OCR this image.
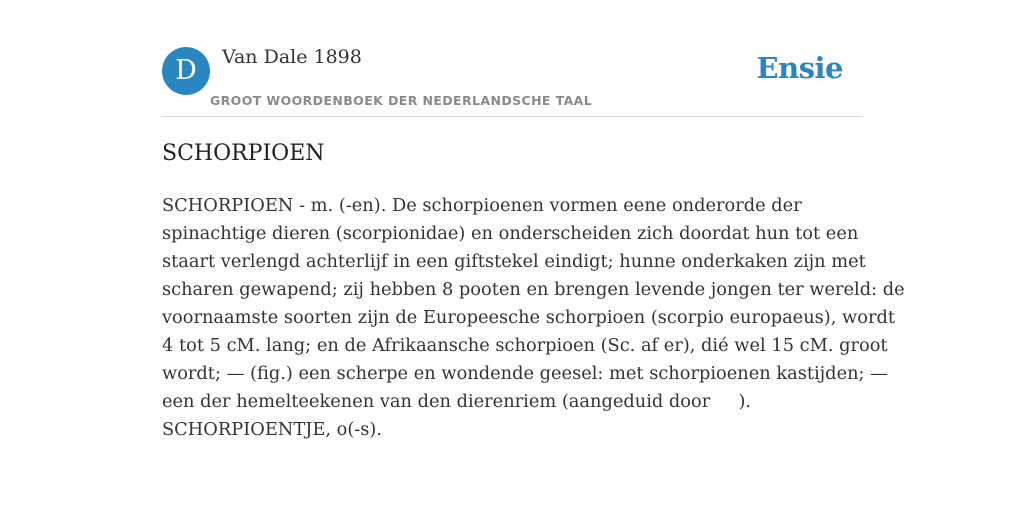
D	Van Dale 1898
GROOT WOORDENBOEK DER NEDERLANDSCHE TAAL
Ensie
SCHORPIOEN

SCHORPIOEN - m. (-en). De schorpioenen vormen eene onderorde der
spinachtige dieren (scorpionidae) en onderscheiden zich doordat hun tot een
staart verlengd achterlijf in een giftstekel eindigt; hunne onderkaken zijn met
scharen gewapend; zij hebben 8 pooten en brengen levende jongen ter wereld: de
voornaamste soorten zijn de Europeesche schorpioen (scorpio europaeus), wordt
4 tot 5 cM. lang; en de Afrikaansche schorpioen (Sc. af er), dié wel 15 cM. groot
wordt; — (fig.) een scherpe en wondende geesel: met schorpioenen kastijden; —
een der hemelteekenen van den dierenriem (aangeduid door     ).
SCHORPIOENTJE, o(-s).
